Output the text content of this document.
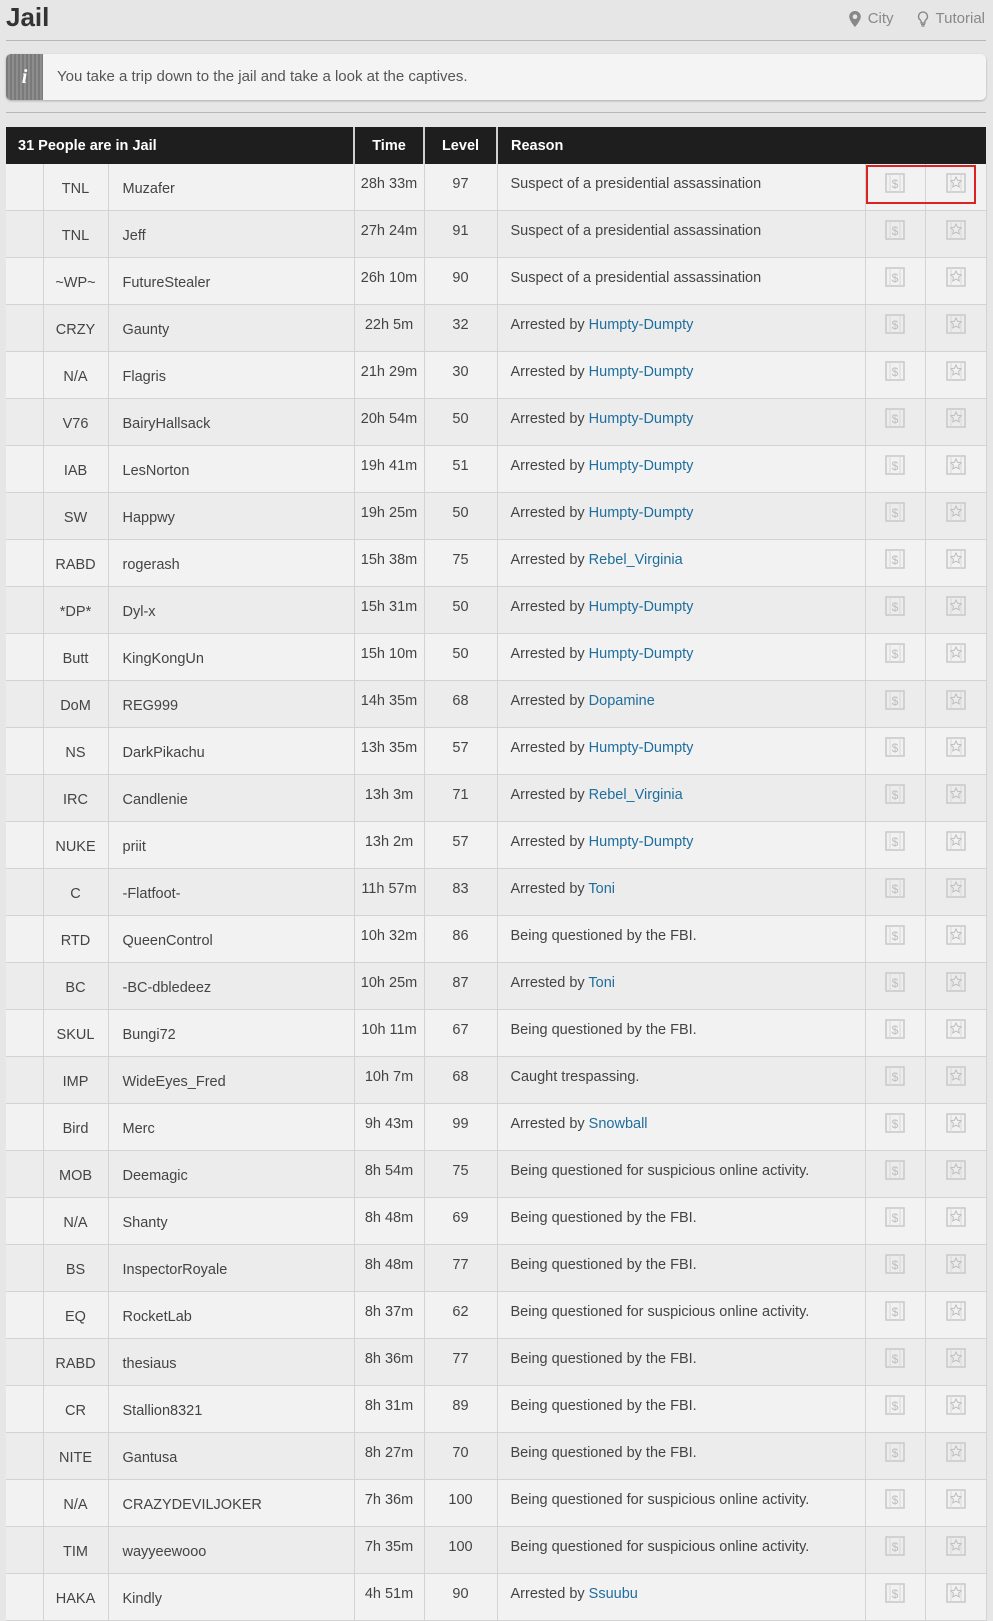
Jail	City	Tutorial
i	You take a trip down to the jail and take a look at the captives.
31 People are in Jail			Time	Level	Reason		
	TNL	Muzafer	28h 33m	97	Suspect of a presidential assassination	$

	TNL	Jeff	27h 24m	91	Suspect of a presidential assassination	$

	~WP~	FutureStealer	26h 10m	90	Suspect of a presidential assassination	$

	CRZY	Gaunty	22h 5m	32	Arrested by Humpty-Dumpty	$

	N/A	Flagris	21h 29m	30	Arrested by Humpty-Dumpty	$

	V76	BairyHallsack	20h 54m	50	Arrested by Humpty-Dumpty	$

	IAB	LesNorton	19h 41m	51	Arrested by Humpty-Dumpty	$

	SW	Happwy	19h 25m	50	Arrested by Humpty-Dumpty	$

	RABD	rogerash	15h 38m	75	Arrested by Rebel_Virginia	$

	*DP*	Dyl-x	15h 31m	50	Arrested by Humpty-Dumpty	$

	Butt	KingKongUn	15h 10m	50	Arrested by Humpty-Dumpty	$

	DoM	REG999	14h 35m	68	Arrested by Dopamine	$

	NS	DarkPikachu	13h 35m	57	Arrested by Humpty-Dumpty	$

	IRC	Candlenie	13h 3m	71	Arrested by Rebel_Virginia	$

	NUKE	priit	13h 2m	57	Arrested by Humpty-Dumpty	$

	C	-Flatfoot-	11h 57m	83	Arrested by Toni	$

	RTD	QueenControl	10h 32m	86	Being questioned by the FBI.	$

	BC	-BC-dbledeez	10h 25m	87	Arrested by Toni	$

	SKUL	Bungi72	10h 11m	67	Being questioned by the FBI.	$

	IMP	WideEyes_Fred	10h 7m	68	Caught trespassing.	$

	Bird	Merc	9h 43m	99	Arrested by Snowball	$

	MOB	Deemagic	8h 54m	75	Being questioned for suspicious online activity.	$

	N/A	Shanty	8h 48m	69	Being questioned by the FBI.	$

	BS	InspectorRoyale	8h 48m	77	Being questioned by the FBI.	$

	EQ	RocketLab	8h 37m	62	Being questioned for suspicious online activity.	$

	RABD	thesiaus	8h 36m	77	Being questioned by the FBI.	$

	CR	Stallion8321	8h 31m	89	Being questioned by the FBI.	$

	NITE	Gantusa	8h 27m	70	Being questioned by the FBI.	$

	N/A	CRAZYDEVILJOKER	7h 36m	100	Being questioned for suspicious online activity.	$

	TIM	wayyeewooo	7h 35m	100	Being questioned for suspicious online activity.	$

	HAKA	Kindly	4h 51m	90	Arrested by Ssuubu	$
